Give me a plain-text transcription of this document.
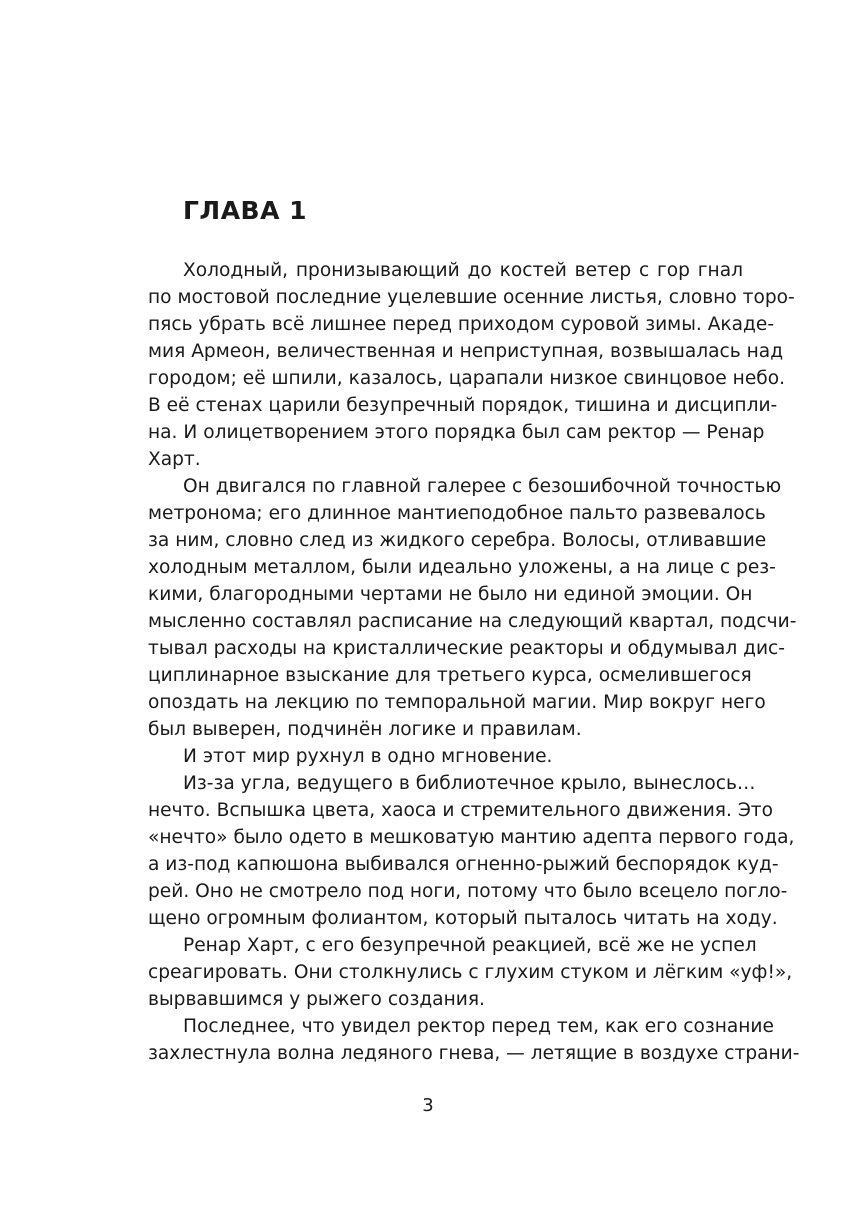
ГЛАВА 1
Холодный, пронизывающий до костей ветер с гор гнал
по мостовой последние уцелевшие осенние листья, словно торо-
пясь убрать всё лишнее перед приходом суровой зимы. Акаде-
мия Армеон, величественная и неприступная, возвышалась над
городом; её шпили, казалось, царапали низкое свинцовое небо.
В её стенах царили безупречный порядок, тишина и дисципли-
на. И олицетворением этого порядка был сам ректор — Ренар
Харт.
Он двигался по главной галерее с безошибочной точностью
метронома; его длинное мантиеподобное пальто развевалось
за ним, словно след из жидкого серебра. Волосы, отливавшие
холодным металлом, были идеально уложены, а на лице с рез-
кими, благородными чертами не было ни единой эмоции. Он
мысленно составлял расписание на следующий квартал, подсчи-
тывал расходы на кристаллические реакторы и обдумывал дис-
циплинарное взыскание для третьего курса, осмелившегося
опоздать на лекцию по темпоральной магии. Мир вокруг него
был выверен, подчинён логике и правилам.
И этот мир рухнул в одно мгновение.
Из-за угла, ведущего в библиотечное крыло, вынеслось…
нечто. Вспышка цвета, хаоса и стремительного движения. Это
«нечто» было одето в мешковатую мантию адепта первого года,
а из-под капюшона выбивался огненно-рыжий беспорядок куд-
рей. Оно не смотрело под ноги, потому что было всецело погло-
щено огромным фолиантом, который пыталось читать на ходу.
Ренар Харт, с его безупречной реакцией, всё же не успел
среагировать. Они столкнулись с глухим стуком и лёгким «уф!»,
вырвавшимся у рыжего создания.
Последнее, что увидел ректор перед тем, как его сознание
захлестнула волна ледяного гнева, — летящие в воздухе страни-
3
